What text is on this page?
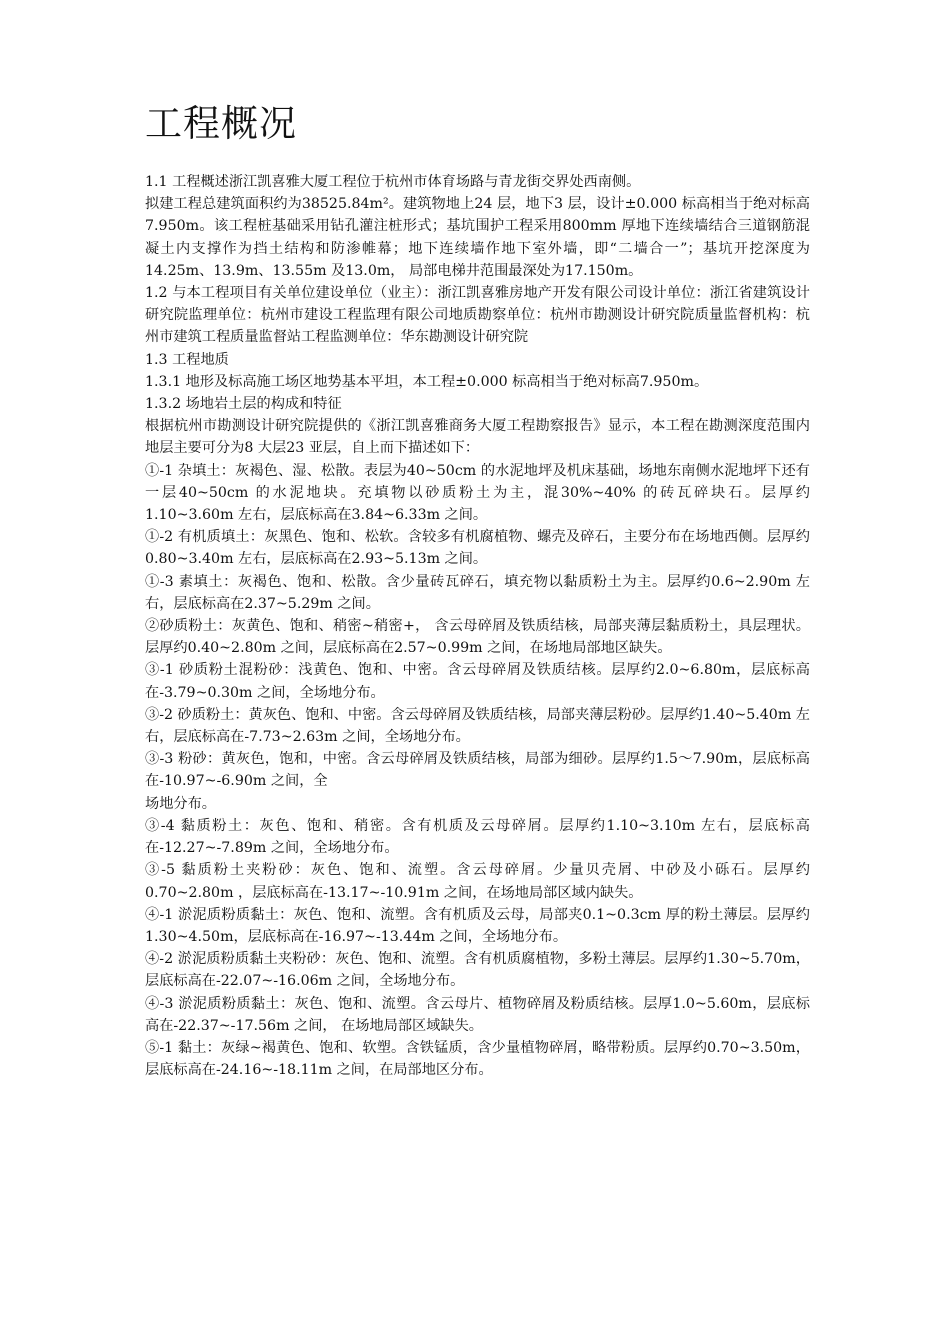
工程概况

1.1 工程概述浙江凯喜雅大厦工程位于杭州市体育场路与青龙街交界处西南侧。

拟建工程总建筑面积约为38525.84m²。建筑物地上24 层，地下3 层，设计±0.000 标高相当于绝对标高7.950m。该工程桩基础采用钻孔灌注桩形式；基坑围护工程采用800mm 厚地下连续墙结合三道钢筋混凝土内支撑作为挡土结构和防渗帷幕；地下连续墙作地下室外墙，即“二墙合一”；基坑开挖深度为14.25m、13.9m、13.55m 及13.0m， 局部电梯井范围最深处为17.150m。

1.2 与本工程项目有关单位建设单位（业主）：浙江凯喜雅房地产开发有限公司设计单位：浙江省建筑设计研究院监理单位：杭州市建设工程监理有限公司地质勘察单位：杭州市勘测设计研究院质量监督机构：杭州市建筑工程质量监督站工程监测单位：华东勘测设计研究院

1.3 工程地质

1.3.1 地形及标高施工场区地势基本平坦，本工程±0.000 标高相当于绝对标高7.950m。

1.3.2 场地岩土层的构成和特征

根据杭州市勘测设计研究院提供的《浙江凯喜雅商务大厦工程勘察报告》显示，本工程在勘测深度范围内地层主要可分为8 大层23 亚层，自上而下描述如下：

①-1 杂填土：灰褐色、湿、松散。表层为40~50cm 的水泥地坪及机床基础，场地东南侧水泥地坪下还有一层40~50cm 的水泥地块。充填物以砂质粉土为主，混30%~40% 的砖瓦碎块石。层厚约1.10~3.60m 左右，层底标高在3.84~6.33m 之间。

①-2 有机质填土：灰黑色、饱和、松软。含较多有机腐植物、螺壳及碎石，主要分布在场地西侧。层厚约0.80~3.40m 左右，层底标高在2.93~5.13m 之间。

①-3 素填土：灰褐色、饱和、松散。含少量砖瓦碎石，填充物以黏质粉土为主。层厚约0.6~2.90m 左右，层底标高在2.37~5.29m 之间。

②砂质粉土：灰黄色、饱和、稍密~稍密+， 含云母碎屑及铁质结核，局部夹薄层黏质粉土，具层理状。层厚约0.40~2.80m 之间，层底标高在2.57~0.99m 之间，在场地局部地区缺失。

③-1 砂质粉土混粉砂：浅黄色、饱和、中密。含云母碎屑及铁质结核。层厚约2.0~6.80m，层底标高在-3.79~0.30m 之间，全场地分布。

③-2 砂质粉土：黄灰色、饱和、中密。含云母碎屑及铁质结核，局部夹薄层粉砂。层厚约1.40~5.40m 左右，层底标高在-7.73~2.63m 之间，全场地分布。

③-3 粉砂：黄灰色，饱和，中密。含云母碎屑及铁质结核，局部为细砂。层厚约1.5～7.90m，层底标高在-10.97~-6.90m 之间，全

场地分布。

③-4 黏质粉土：灰色、饱和、稍密。含有机质及云母碎屑。层厚约1.10~3.10m 左右，层底标高在-12.27~-7.89m 之间，全场地分布。

③-5 黏质粉土夹粉砂：灰色、饱和、流塑。含云母碎屑。少量贝壳屑、中砂及小砾石。层厚约0.70~2.80m ，层底标高在-13.17~-10.91m 之间，在场地局部区域内缺失。

④-1 淤泥质粉质黏土：灰色、饱和、流塑。含有机质及云母，局部夹0.1~0.3cm 厚的粉土薄层。层厚约1.30~4.50m，层底标高在-16.97~-13.44m 之间，全场地分布。

④-2 淤泥质粉质黏土夹粉砂：灰色、饱和、流塑。含有机质腐植物，多粉土薄层。层厚约1.30~5.70m， 层底标高在-22.07~-16.06m 之间，全场地分布。

④-3 淤泥质粉质黏土：灰色、饱和、流塑。含云母片、植物碎屑及粉质结核。层厚1.0~5.60m，层底标高在-22.37~-17.56m 之间， 在场地局部区域缺失。

⑤-1 黏土：灰绿~褐黄色、饱和、软塑。含铁锰质，含少量植物碎屑，略带粉质。层厚约0.70~3.50m， 层底标高在-24.16~-18.11m 之间，在局部地区分布。
